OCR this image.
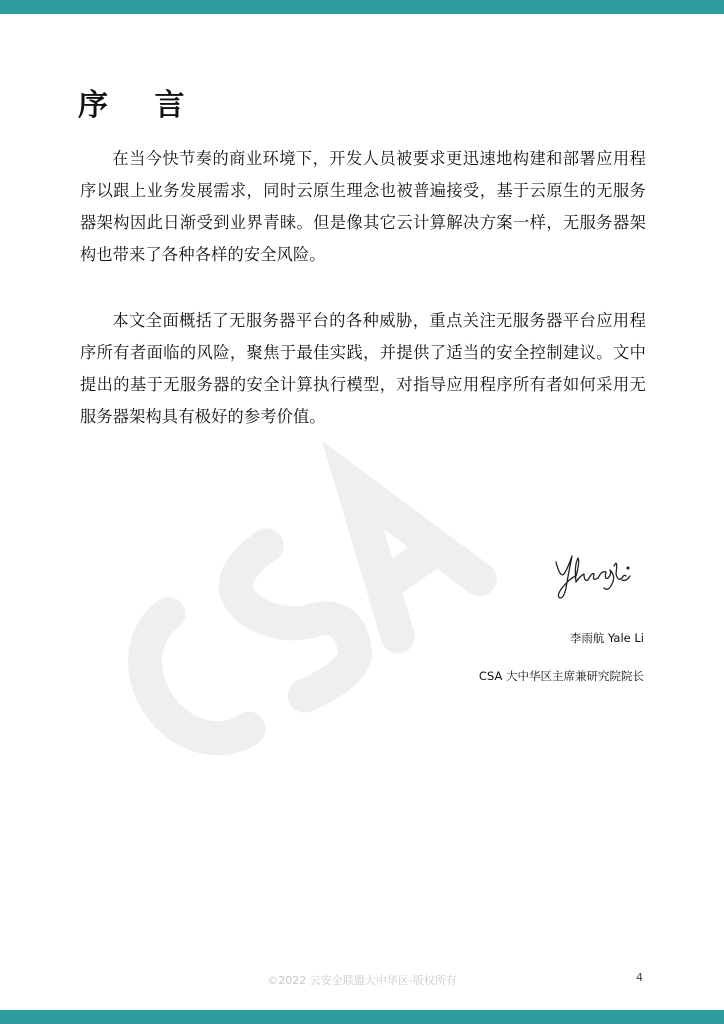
序 言

在当今快节奏的商业环境下，开发人员被要求更迅速地构建和部署应用程序以跟上业务发展需求，同时云原生理念也被普遍接受，基于云原生的无服务器架构因此日渐受到业界青睐。但是像其它云计算解决方案一样，无服务器架构也带来了各种各样的安全风险。

本文全面概括了无服务器平台的各种威胁，重点关注无服务器平台应用程序所有者面临的风险，聚焦于最佳实践，并提供了适当的安全控制建议。文中提出的基于无服务器的安全计算执行模型，对指导应用程序所有者如何采用无服务器架构具有极好的参考价值。

李雨航 Yale Li
CSA 大中华区主席兼研究院院长
©2022 云安全联盟大中华区-版权所有	4
